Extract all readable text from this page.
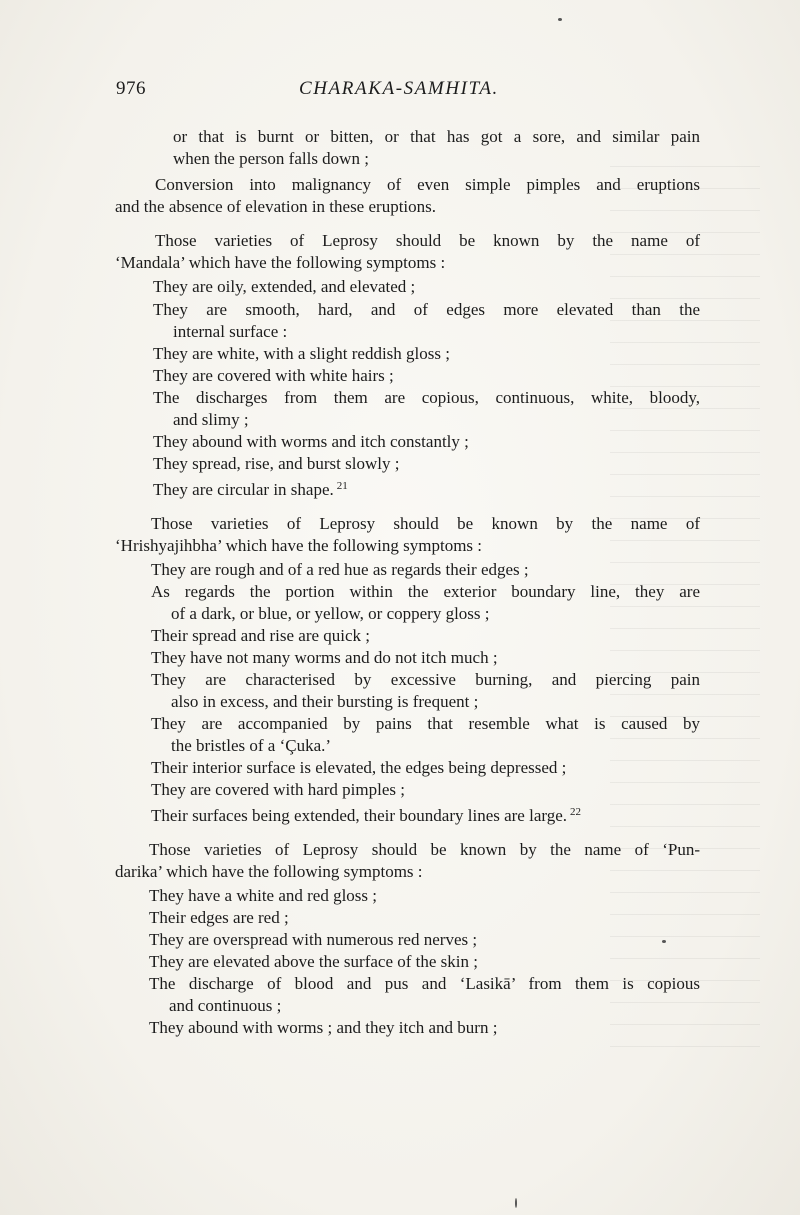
976	CHARAKA-SAMHITA.
or that is burnt or bitten, or that has got a sore, and similar pain
when the person falls down ;
Conversion into malignancy of even simple pimples and eruptions
and the absence of elevation in these eruptions.
Those varieties of Leprosy should be known by the name of
‘Mandala’ which have the following symptoms :
They are oily, extended, and elevated ;
They are smooth, hard, and of edges more elevated than the
internal surface :
They are white, with a slight reddish gloss ;
They are covered with white hairs ;
The discharges from them are copious, continuous, white, bloody,
and slimy ;
They abound with worms and itch constantly ;
They spread, rise, and burst slowly ;
They are circular in shape. $^{21}$
Those varieties of Leprosy should be known by the name of
‘Hrishyajihbha’ which have the following symptoms :
They are rough and of a red hue as regards their edges ;
As regards the portion within the exterior boundary line, they are
of a dark, or blue, or yellow, or coppery gloss ;
Their spread and rise are quick ;
They have not many worms and do not itch much ;
They are characterised by excessive burning, and piercing pain
also in excess, and their bursting is frequent ;
They are accompanied by pains that resemble what is caused by
the bristles of a ‘Çuka.’
Their interior surface is elevated, the edges being depressed ;
They are covered with hard pimples ;
Their surfaces being extended, their boundary lines are large. $^{22}$
Those varieties of Leprosy should be known by the name of ‘Pun-
darika’ which have the following symptoms :
They have a white and red gloss ;
Their edges are red ;
They are overspread with numerous red nerves ;
They are elevated above the surface of the skin ;
The discharge of blood and pus and ‘Lasikā’ from them is copious
and continuous ;
They abound with worms ; and they itch and burn ;
